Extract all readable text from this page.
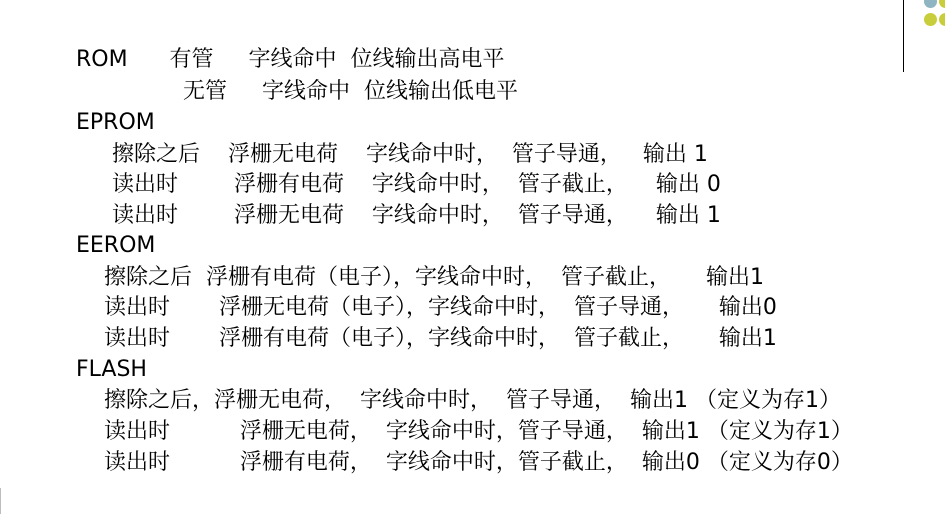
ROM      有管     字线命中  位线输出高电平
无管     字线命中  位线输出低电平
EPROM
擦除之后    浮栅无电荷    字线命中时，  管子导通，   输出 1
读出时        浮栅有电荷    字线命中时，  管子截止，    输出 0
读出时        浮栅无电荷    字线命中时，  管子导通，    输出 1
EEROM
擦除之后  浮栅有电荷（电子），字线命中时，  管子截止，     输出1
读出时       浮栅无电荷（电子），字线命中时，  管子导通，     输出0
读出时       浮栅有电荷（电子），字线命中时，  管子截止，     输出1
FLASH
擦除之后，浮栅无电荷，  字线命中时，  管子导通，  输出1 （定义为存1）
读出时          浮栅无电荷，  字线命中时，管子导通，  输出1 （定义为存1）
读出时          浮栅有电荷，  字线命中时，管子截止，  输出0 （定义为存0）
